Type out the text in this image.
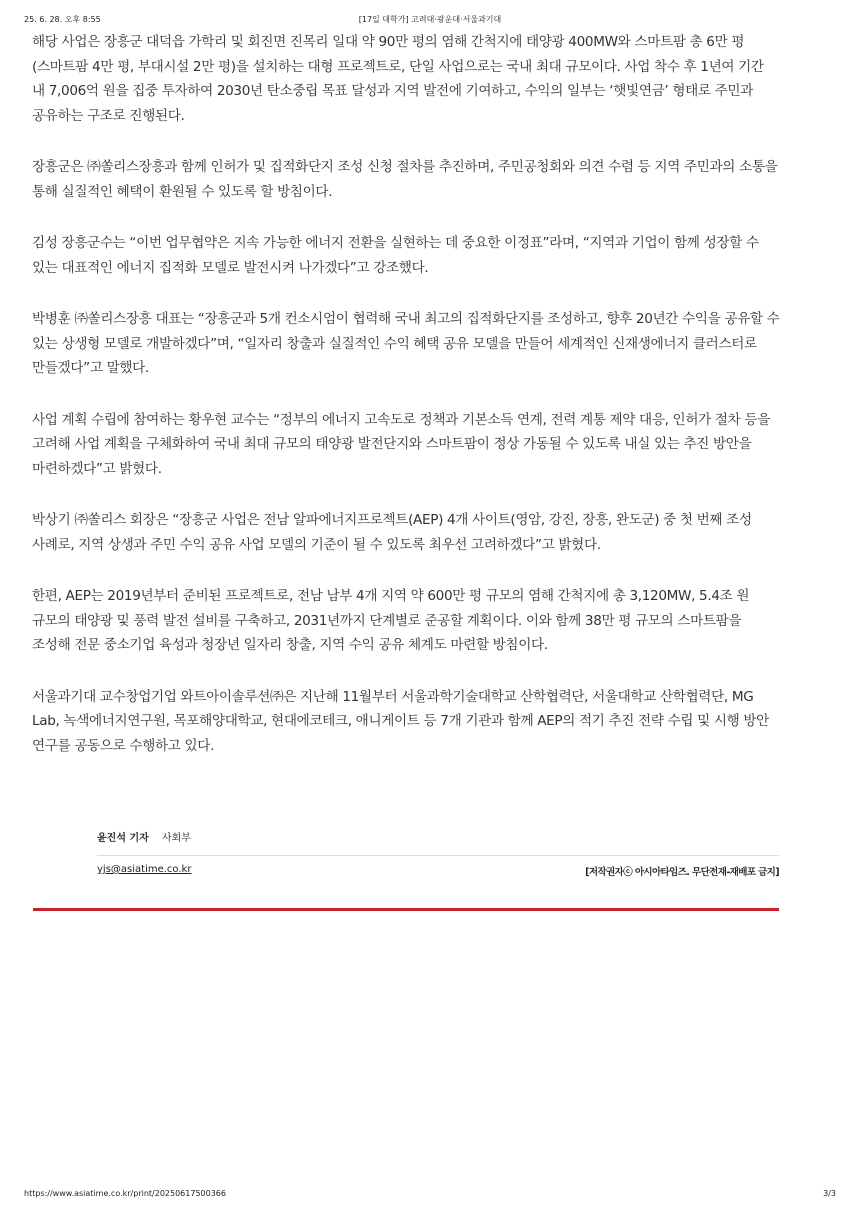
25. 6. 28. 오후 8:55	[17일 대학가] 고려대·광운대·서울과기대

해당 사업은 장흥군 대덕읍 가학리 및 회진면 진목리 일대 약 90만 평의 염해 간척지에 태양광 400MW와 스마트팜 총 6만 평(스마트팜 4만 평, 부대시설 2만 평)을 설치하는 대형 프로젝트로, 단일 사업으로는 국내 최대 규모이다. 사업 착수 후 1년여 기간 내 7,006억 원을 집중 투자하여 2030년 탄소중립 목표 달성과 지역 발전에 기여하고, 수익의 일부는 ‘햇빛연금’ 형태로 주민과 공유하는 구조로 진행된다.

장흥군은 ㈜쏠리스장흥과 함께 인허가 및 집적화단지 조성 신청 절차를 추진하며, 주민공청회와 의견 수렴 등 지역 주민과의 소통을 통해 실질적인 혜택이 환원될 수 있도록 할 방침이다.

김성 장흥군수는 “이번 업무협약은 지속 가능한 에너지 전환을 실현하는 데 중요한 이정표”라며, “지역과 기업이 함께 성장할 수 있는 대표적인 에너지 집적화 모델로 발전시켜 나가겠다”고 강조했다.

박병훈 ㈜쏠리스장흥 대표는 “장흥군과 5개 컨소시엄이 협력해 국내 최고의 집적화단지를 조성하고, 향후 20년간 수익을 공유할 수 있는 상생형 모델로 개발하겠다”며, “일자리 창출과 실질적인 수익 혜택 공유 모델을 만들어 세계적인 신재생에너지 클러스터로 만들겠다”고 말했다.

사업 계획 수립에 참여하는 황우현 교수는 “정부의 에너지 고속도로 정책과 기본소득 연계, 전력 계통 제약 대응, 인허가 절차 등을 고려해 사업 계획을 구체화하여 국내 최대 규모의 태양광 발전단지와 스마트팜이 정상 가동될 수 있도록 내실 있는 추진 방안을 마련하겠다”고 밝혔다.

박상기 ㈜쏠리스 회장은 “장흥군 사업은 전남 알파에너지프로젝트(AEP) 4개 사이트(영암, 강진, 장흥, 완도군) 중 첫 번째 조성 사례로, 지역 상생과 주민 수익 공유 사업 모델의 기준이 될 수 있도록 최우선 고려하겠다”고 밝혔다.

한편, AEP는 2019년부터 준비된 프로젝트로, 전남 남부 4개 지역 약 600만 평 규모의 염해 간척지에 총 3,120MW, 5.4조 원 규모의 태양광 및 풍력 발전 설비를 구축하고, 2031년까지 단계별로 준공할 계획이다. 이와 함께 38만 평 규모의 스마트팜을 조성해 전문 중소기업 육성과 청장년 일자리 창출, 지역 수익 공유 체계도 마련할 방침이다.

서울과기대 교수창업기업 와트아이솔루션㈜은 지난해 11월부터 서울과학기술대학교 산학협력단, 서울대학교 산학협력단, MG Lab, 녹색에너지연구원, 목포해양대학교, 현대에코테크, 애니게이트 등 7개 기관과 함께 AEP의 적기 추진 전략 수립 및 시행 방안 연구를 공동으로 수행하고 있다.

윤진석 기자 사회부
yjs@asiatime.co.kr	[저작권자ⓒ 아시아타임즈. 무단전재-재배포 금지]
https://www.asiatime.co.kr/print/20250617500366	3/3
